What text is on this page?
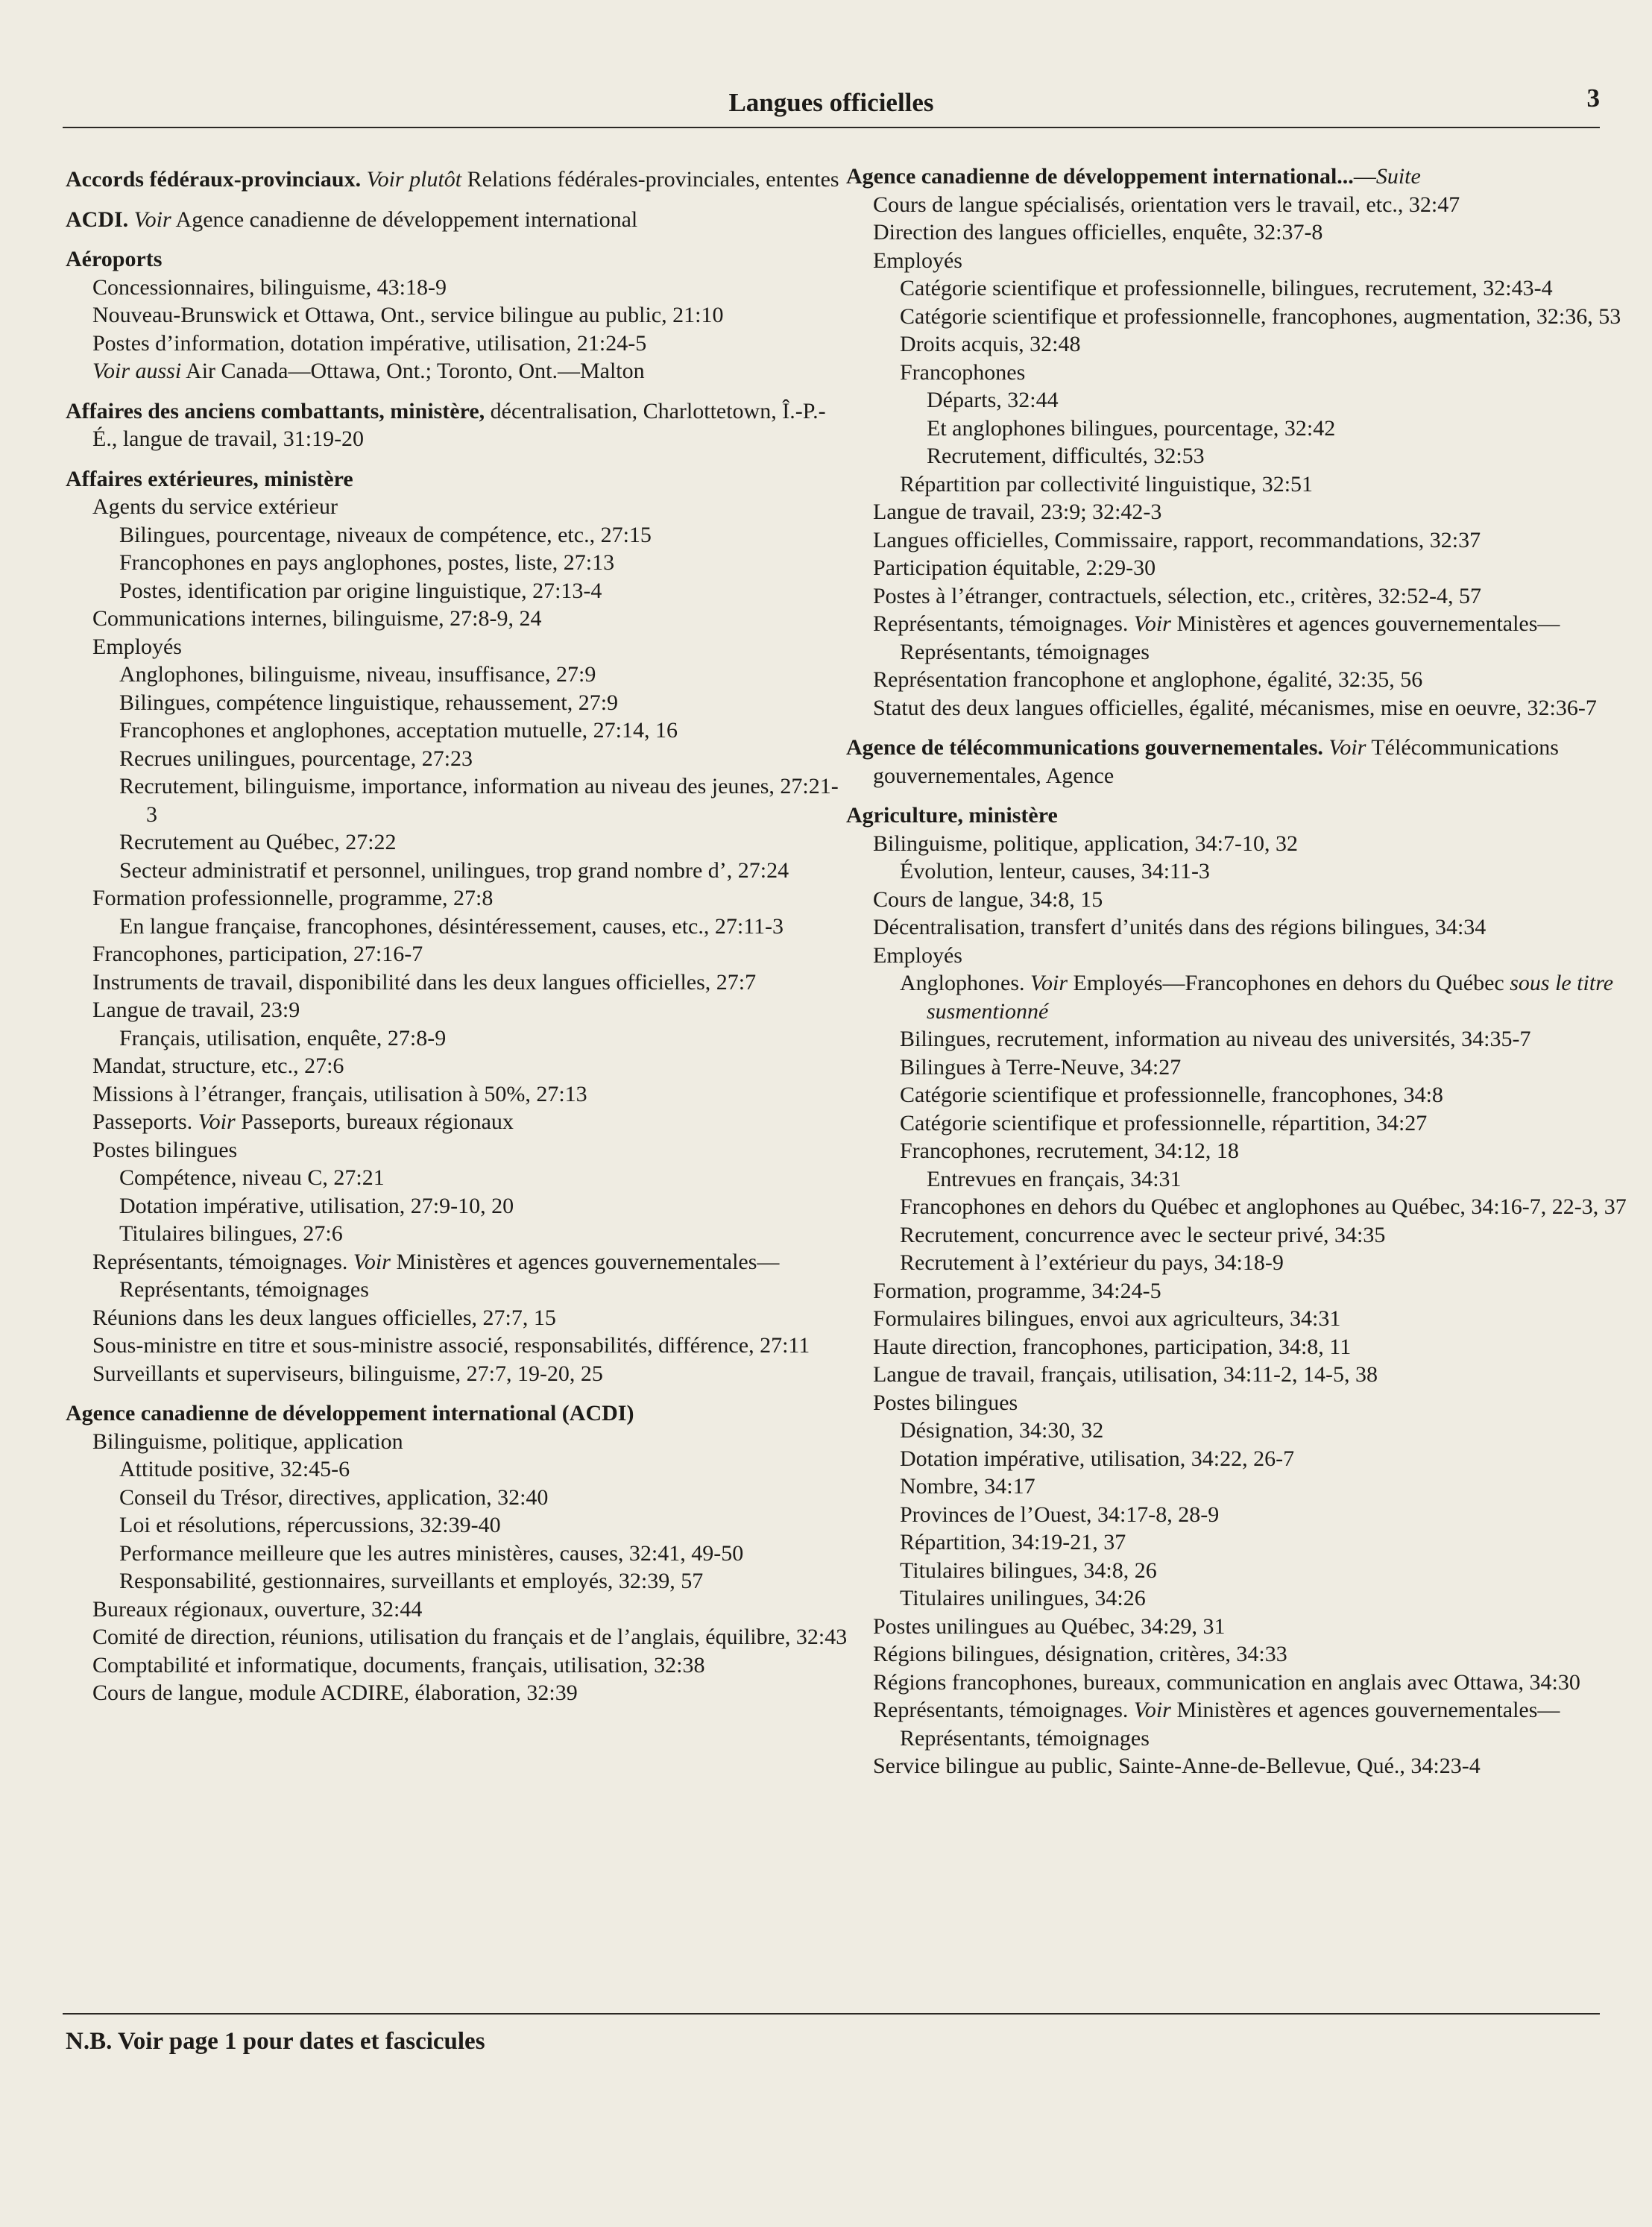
Langues officielles	3
Accords fédéraux-provinciaux. Voir plutôt Relations fédérales-provinciales, ententes
ACDI. Voir Agence canadienne de développement international
Aéroports
Concessionnaires, bilinguisme, 43:18-9
Nouveau-Brunswick et Ottawa, Ont., service bilingue au public, 21:10
Postes d’information, dotation impérative, utilisation, 21:24-5
Voir aussi Air Canada—Ottawa, Ont.; Toronto, Ont.—Malton
Affaires des anciens combattants, ministère, décentralisation, Charlottetown, Î.-P.-É., langue de travail, 31:19-20
Affaires extérieures, ministère
Agents du service extérieur
Bilingues, pourcentage, niveaux de compétence, etc., 27:15
Francophones en pays anglophones, postes, liste, 27:13
Postes, identification par origine linguistique, 27:13-4
Communications internes, bilinguisme, 27:8-9, 24
Employés
Anglophones, bilinguisme, niveau, insuffisance, 27:9
Bilingues, compétence linguistique, rehaussement, 27:9
Francophones et anglophones, acceptation mutuelle, 27:14, 16
Recrues unilingues, pourcentage, 27:23
Recrutement, bilinguisme, importance, information au niveau des jeunes, 27:21-3
Recrutement au Québec, 27:22
Secteur administratif et personnel, unilingues, trop grand nombre d’, 27:24
Formation professionnelle, programme, 27:8
En langue française, francophones, désintéressement, causes, etc., 27:11-3
Francophones, participation, 27:16-7
Instruments de travail, disponibilité dans les deux langues officielles, 27:7
Langue de travail, 23:9
Français, utilisation, enquête, 27:8-9
Mandat, structure, etc., 27:6
Missions à l’étranger, français, utilisation à 50%, 27:13
Passeports. Voir Passeports, bureaux régionaux
Postes bilingues
Compétence, niveau C, 27:21
Dotation impérative, utilisation, 27:9-10, 20
Titulaires bilingues, 27:6
Représentants, témoignages. Voir Ministères et agences gouvernementales—Représentants, témoignages
Réunions dans les deux langues officielles, 27:7, 15
Sous-ministre en titre et sous-ministre associé, responsabilités, différence, 27:11
Surveillants et superviseurs, bilinguisme, 27:7, 19-20, 25
Agence canadienne de développement international (ACDI)
Bilinguisme, politique, application
Attitude positive, 32:45-6
Conseil du Trésor, directives, application, 32:40
Loi et résolutions, répercussions, 32:39-40
Performance meilleure que les autres ministères, causes, 32:41, 49-50
Responsabilité, gestionnaires, surveillants et employés, 32:39, 57
Bureaux régionaux, ouverture, 32:44
Comité de direction, réunions, utilisation du français et de l’anglais, équilibre, 32:43
Comptabilité et informatique, documents, français, utilisation, 32:38
Cours de langue, module ACDIRE, élaboration, 32:39
Agence canadienne de développement international...—Suite
Cours de langue spécialisés, orientation vers le travail, etc., 32:47
Direction des langues officielles, enquête, 32:37-8
Employés
Catégorie scientifique et professionnelle, bilingues, recrutement, 32:43-4
Catégorie scientifique et professionnelle, francophones, augmentation, 32:36, 53
Droits acquis, 32:48
Francophones
Départs, 32:44
Et anglophones bilingues, pourcentage, 32:42
Recrutement, difficultés, 32:53
Répartition par collectivité linguistique, 32:51
Langue de travail, 23:9; 32:42-3
Langues officielles, Commissaire, rapport, recommandations, 32:37
Participation équitable, 2:29-30
Postes à l’étranger, contractuels, sélection, etc., critères, 32:52-4, 57
Représentants, témoignages. Voir Ministères et agences gouvernementales—Représentants, témoignages
Représentation francophone et anglophone, égalité, 32:35, 56
Statut des deux langues officielles, égalité, mécanismes, mise en oeuvre, 32:36-7
Agence de télécommunications gouvernementales. Voir Télécommunications gouvernementales, Agence
Agriculture, ministère
Bilinguisme, politique, application, 34:7-10, 32
Évolution, lenteur, causes, 34:11-3
Cours de langue, 34:8, 15
Décentralisation, transfert d’unités dans des régions bilingues, 34:34
Employés
Anglophones. Voir Employés—Francophones en dehors du Québec sous le titre susmentionné
Bilingues, recrutement, information au niveau des universités, 34:35-7
Bilingues à Terre-Neuve, 34:27
Catégorie scientifique et professionnelle, francophones, 34:8
Catégorie scientifique et professionnelle, répartition, 34:27
Francophones, recrutement, 34:12, 18
Entrevues en français, 34:31
Francophones en dehors du Québec et anglophones au Québec, 34:16-7, 22-3, 37
Recrutement, concurrence avec le secteur privé, 34:35
Recrutement à l’extérieur du pays, 34:18-9
Formation, programme, 34:24-5
Formulaires bilingues, envoi aux agriculteurs, 34:31
Haute direction, francophones, participation, 34:8, 11
Langue de travail, français, utilisation, 34:11-2, 14-5, 38
Postes bilingues
Désignation, 34:30, 32
Dotation impérative, utilisation, 34:22, 26-7
Nombre, 34:17
Provinces de l’Ouest, 34:17-8, 28-9
Répartition, 34:19-21, 37
Titulaires bilingues, 34:8, 26
Titulaires unilingues, 34:26
Postes unilingues au Québec, 34:29, 31
Régions bilingues, désignation, critères, 34:33
Régions francophones, bureaux, communication en anglais avec Ottawa, 34:30
Représentants, témoignages. Voir Ministères et agences gouvernementales—Représentants, témoignages
Service bilingue au public, Sainte-Anne-de-Bellevue, Qué., 34:23-4
N.B. Voir page 1 pour dates et fascicules
